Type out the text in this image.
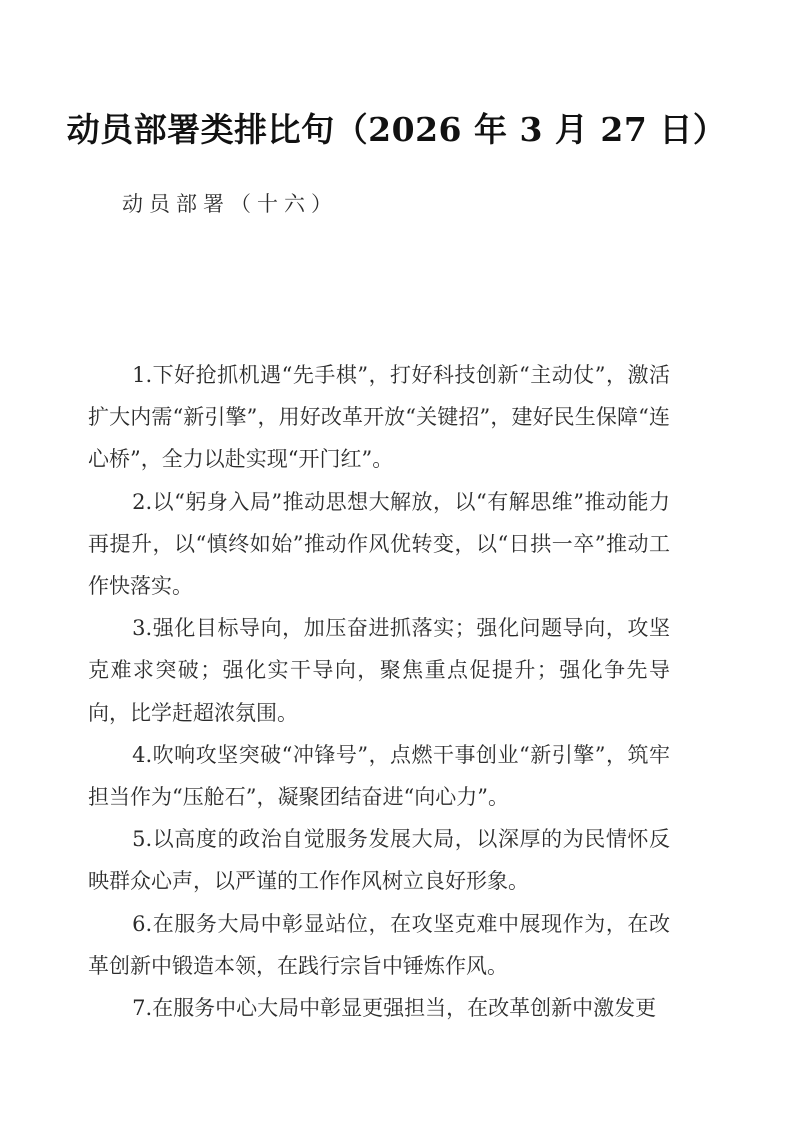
动员部署类排比句（2026 年 3 月 27 日）
动员部署（十六）

1.下好抢抓机遇“先手棋”，打好科技创新“主动仗”，激活扩大内需“新引擎”，用好改革开放“关键招”，建好民生保障“连心桥”，全力以赴实现“开门红”。

2.以“躬身入局”推动思想大解放，以“有解思维”推动能力再提升，以“慎终如始”推动作风优转变，以“日拱一卒”推动工作快落实。

3.强化目标导向，加压奋进抓落实；强化问题导向，攻坚克难求突破；强化实干导向，聚焦重点促提升；强化争先导向，比学赶超浓氛围。

4.吹响攻坚突破“冲锋号”，点燃干事创业“新引擎”，筑牢担当作为“压舱石”，凝聚团结奋进“向心力”。

5.以高度的政治自觉服务发展大局，以深厚的为民情怀反映群众心声，以严谨的工作作风树立良好形象。

6.在服务大局中彰显站位，在攻坚克难中展现作为，在改革创新中锻造本领，在践行宗旨中锤炼作风。

7.在服务中心大局中彰显更强担当，在改革创新中激发更
